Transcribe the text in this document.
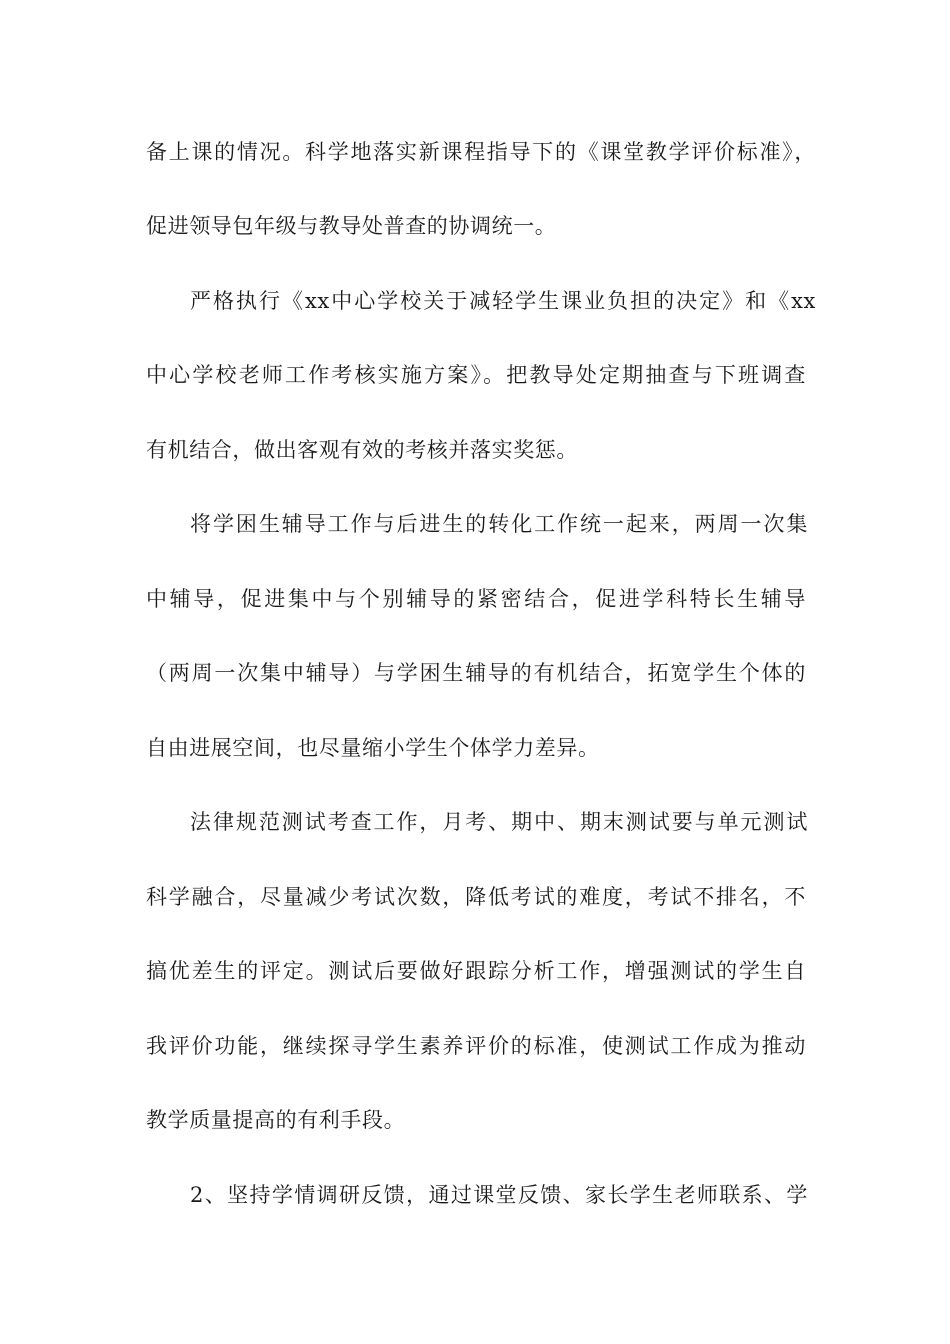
备上课的情况。科学地落实新课程指导下的《课堂教学评价标准》，
促进领导包年级与教导处普查的协调统一。
严格执行《xx中心学校关于减轻学生课业负担的决定》和《xx
中心学校老师工作考核实施方案》。把教导处定期抽查与下班调查
有机结合，做出客观有效的考核并落实奖惩。
将学困生辅导工作与后进生的转化工作统一起来，两周一次集
中辅导，促进集中与个别辅导的紧密结合，促进学科特长生辅导
（两周一次集中辅导）与学困生辅导的有机结合，拓宽学生个体的
自由进展空间，也尽量缩小学生个体学力差异。
法律规范测试考查工作，月考、期中、期末测试要与单元测试
科学融合，尽量减少考试次数，降低考试的难度，考试不排名，不
搞优差生的评定。测试后要做好跟踪分析工作，增强测试的学生自
我评价功能，继续探寻学生素养评价的标准，使测试工作成为推动
教学质量提高的有利手段。
2、坚持学情调研反馈，通过课堂反馈、家长学生老师联系、学
